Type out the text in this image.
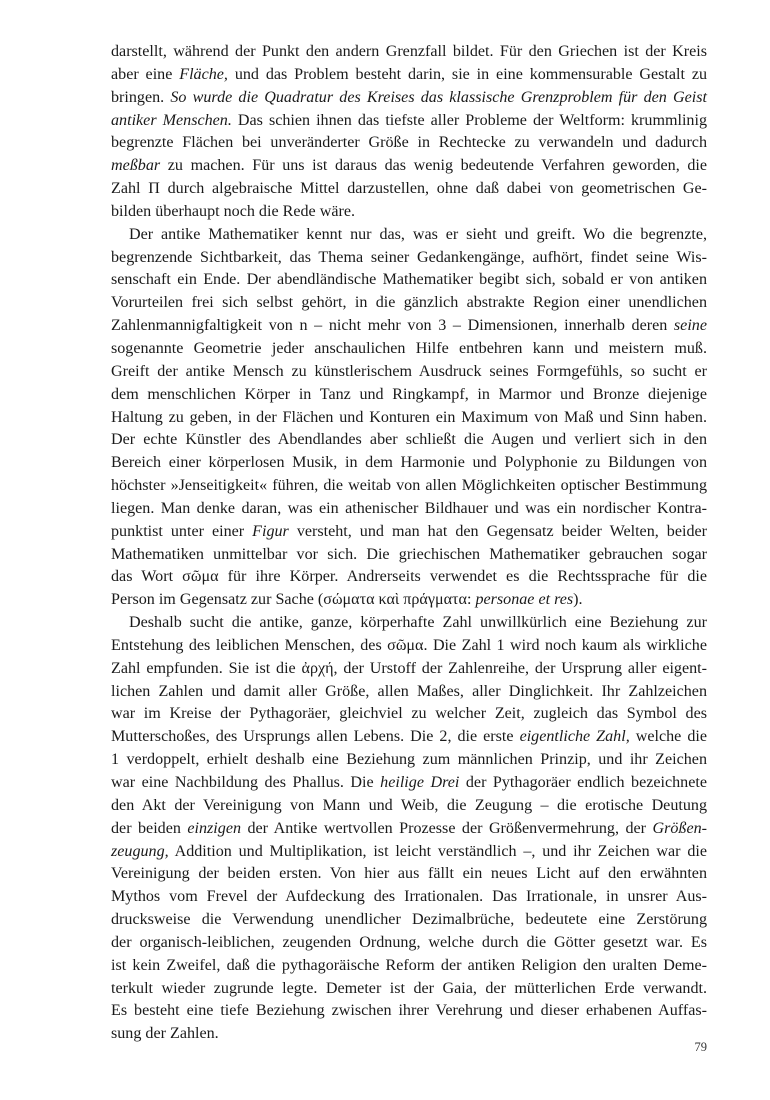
darstellt, während der Punkt den andern Grenzfall bildet. Für den Griechen ist der Kreis
aber eine Fläche, und das Problem besteht darin, sie in eine kommensurable Gestalt zu
bringen. So wurde die Quadratur des Kreises das klassische Grenzproblem für den Geist
antiker Menschen. Das schien ihnen das tiefste aller Probleme der Weltform: krummlinig
begrenzte Flächen bei unveränderter Größe in Rechtecke zu verwandeln und dadurch
meßbar zu machen. Für uns ist daraus das wenig bedeutende Verfahren geworden, die
Zahl Π durch algebraische Mittel darzustellen, ohne daß dabei von geometrischen Ge-
bilden überhaupt noch die Rede wäre.
Der antike Mathematiker kennt nur das, was er sieht und greift. Wo die begrenzte,
begrenzende Sichtbarkeit, das Thema seiner Gedankengänge, aufhört, findet seine Wis-
senschaft ein Ende. Der abendländische Mathematiker begibt sich, sobald er von antiken
Vorurteilen frei sich selbst gehört, in die gänzlich abstrakte Region einer unendlichen
Zahlenmannigfaltigkeit von n – nicht mehr von 3 – Dimensionen, innerhalb deren seine
sogenannte Geometrie jeder anschaulichen Hilfe entbehren kann und meistern muß.
Greift der antike Mensch zu künstlerischem Ausdruck seines Formgefühls, so sucht er
dem menschlichen Körper in Tanz und Ringkampf, in Marmor und Bronze diejenige
Haltung zu geben, in der Flächen und Konturen ein Maximum von Maß und Sinn haben.
Der echte Künstler des Abendlandes aber schließt die Augen und verliert sich in den
Bereich einer körperlosen Musik, in dem Harmonie und Polyphonie zu Bildungen von
höchster »Jenseitigkeit« führen, die weitab von allen Möglichkeiten optischer Bestimmung
liegen. Man denke daran, was ein athenischer Bildhauer und was ein nordischer Kontra-
punktist unter einer Figur versteht, und man hat den Gegensatz beider Welten, beider
Mathematiken unmittelbar vor sich. Die griechischen Mathematiker gebrauchen sogar
das Wort σῶμα für ihre Körper. Andrerseits verwendet es die Rechtssprache für die
Person im Gegensatz zur Sache (σώματα καὶ πράγματα: personae et res).
Deshalb sucht die antike, ganze, körperhafte Zahl unwillkürlich eine Beziehung zur
Entstehung des leiblichen Menschen, des σῶμα. Die Zahl 1 wird noch kaum als wirkliche
Zahl empfunden. Sie ist die ἀρχή, der Urstoff der Zahlenreihe, der Ursprung aller eigent-
lichen Zahlen und damit aller Größe, allen Maßes, aller Dinglichkeit. Ihr Zahlzeichen
war im Kreise der Pythagoräer, gleichviel zu welcher Zeit, zugleich das Symbol des
Mutterschoßes, des Ursprungs allen Lebens. Die 2, die erste eigentliche Zahl, welche die
1 verdoppelt, erhielt deshalb eine Beziehung zum männlichen Prinzip, und ihr Zeichen
war eine Nachbildung des Phallus. Die heilige Drei der Pythagoräer endlich bezeichnete
den Akt der Vereinigung von Mann und Weib, die Zeugung – die erotische Deutung
der beiden einzigen der Antike wertvollen Prozesse der Größenvermehrung, der Größen-
zeugung, Addition und Multiplikation, ist leicht verständlich –, und ihr Zeichen war die
Vereinigung der beiden ersten. Von hier aus fällt ein neues Licht auf den erwähnten
Mythos vom Frevel der Aufdeckung des Irrationalen. Das Irrationale, in unsrer Aus-
drucksweise die Verwendung unendlicher Dezimalbrüche, bedeutete eine Zerstörung
der organisch-leiblichen, zeugenden Ordnung, welche durch die Götter gesetzt war. Es
ist kein Zweifel, daß die pythagoräische Reform der antiken Religion den uralten Deme-
terkult wieder zugrunde legte. Demeter ist der Gaia, der mütterlichen Erde verwandt.
Es besteht eine tiefe Beziehung zwischen ihrer Verehrung und dieser erhabenen Auffas-
sung der Zahlen.
79
